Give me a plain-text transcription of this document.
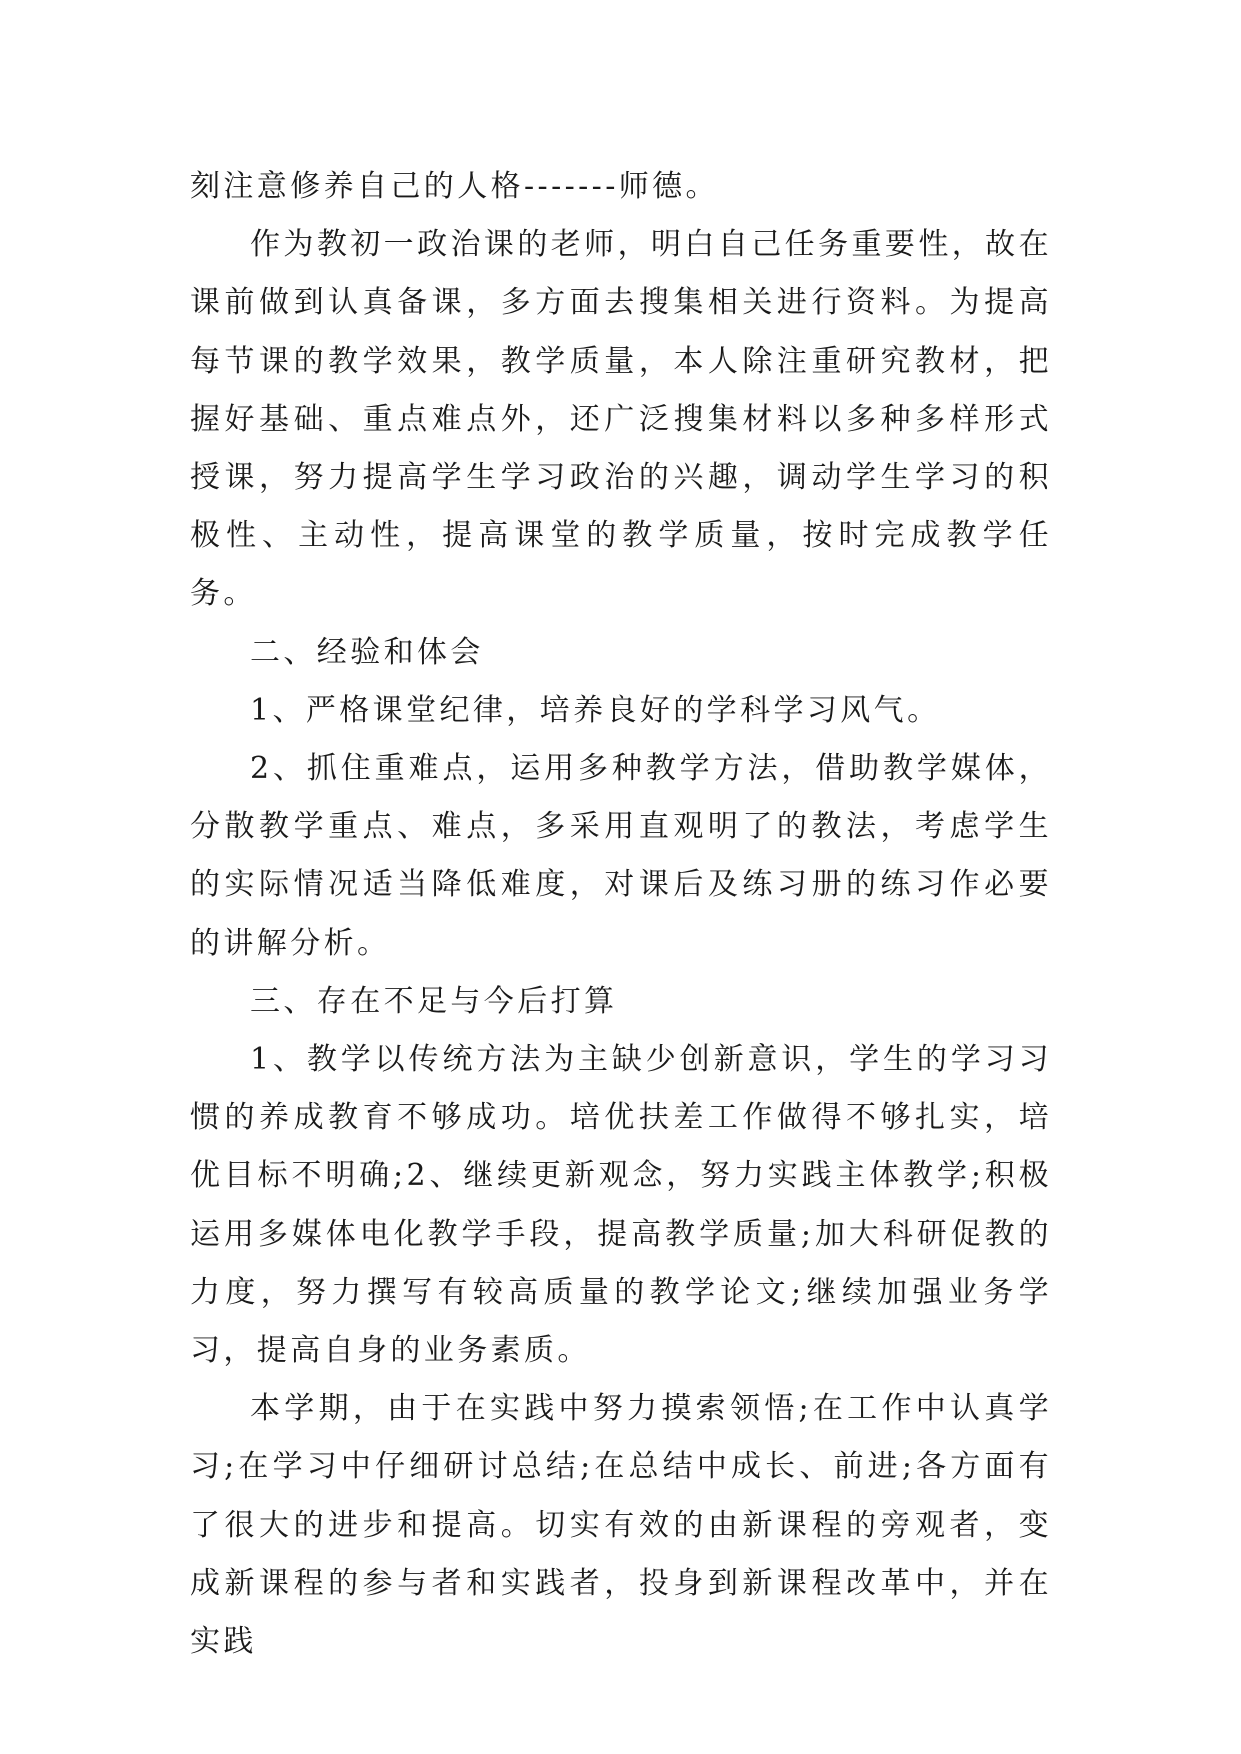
刻注意修养自己的人格-------师德。

作为教初一政治课的老师，明白自己任务重要性，故在课前做到认真备课，多方面去搜集相关进行资料。为提高每节课的教学效果，教学质量，本人除注重研究教材，把握好基础、重点难点外，还广泛搜集材料以多种多样形式授课，努力提高学生学习政治的兴趣，调动学生学习的积极性、主动性，提高课堂的教学质量，按时完成教学任务。

二、经验和体会

1、严格课堂纪律，培养良好的学科学习风气。

2、抓住重难点，运用多种教学方法，借助教学媒体，分散教学重点、难点，多采用直观明了的教法，考虑学生的实际情况适当降低难度，对课后及练习册的练习作必要的讲解分析。

三、存在不足与今后打算

1、教学以传统方法为主缺少创新意识，学生的学习习惯的养成教育不够成功。培优扶差工作做得不够扎实，培优目标不明确;2、继续更新观念，努力实践主体教学;积极运用多媒体电化教学手段，提高教学质量;加大科研促教的力度，努力撰写有较高质量的教学论文;继续加强业务学习，提高自身的业务素质。

本学期，由于在实践中努力摸索领悟;在工作中认真学习;在学习中仔细研讨总结;在总结中成长、前进;各方面有了很大的进步和提高。切实有效的由新课程的旁观者，变成新课程的参与者和实践者，投身到新课程改革中，并在实践
